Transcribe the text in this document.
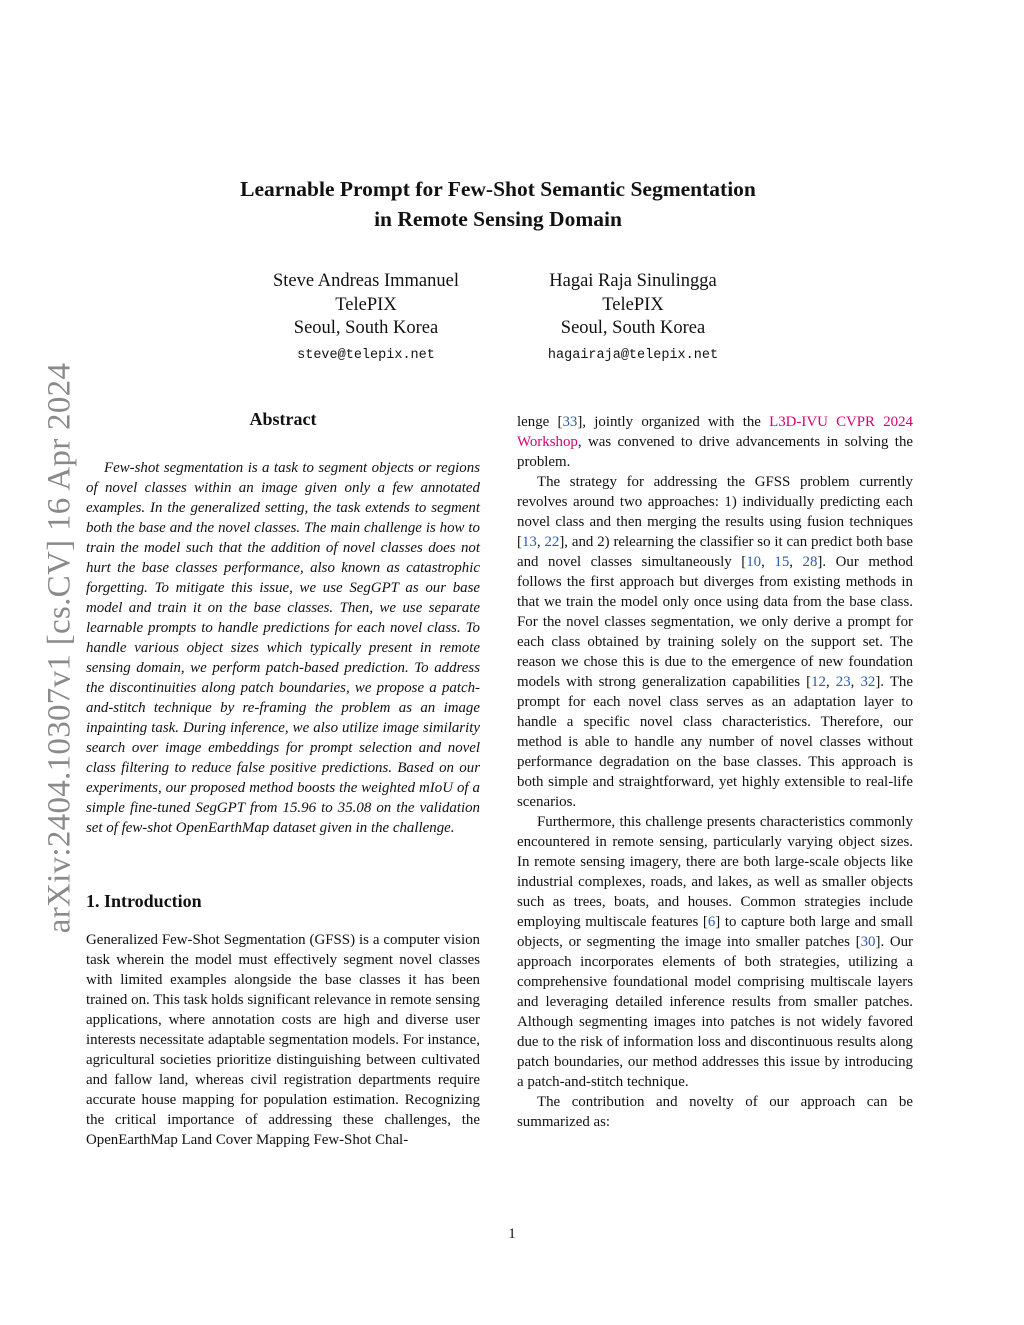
arXiv:2404.10307v1 [cs.CV] 16 Apr 2024
Learnable Prompt for Few-Shot Semantic Segmentation
in Remote Sensing Domain
Steve Andreas Immanuel
TelePIX
Seoul, South Korea
steve@telepix.net
Hagai Raja Sinulingga
TelePIX
Seoul, South Korea
hagairaja@telepix.net
Abstract

Few-shot segmentation is a task to segment objects or regions of novel classes within an image given only a few annotated examples. In the generalized setting, the task extends to segment both the base and the novel classes. The main challenge is how to train the model such that the addition of novel classes does not hurt the base classes performance, also known as catastrophic forgetting. To mitigate this issue, we use SegGPT as our base model and train it on the base classes. Then, we use separate learnable prompts to handle predictions for each novel class. To handle various object sizes which typically present in remote sensing domain, we perform patch-based prediction. To address the discontinuities along patch boundaries, we propose a patch-and-stitch technique by re-framing the problem as an image inpainting task. During inference, we also utilize image similarity search over image embeddings for prompt selection and novel class filtering to reduce false positive predictions. Based on our experiments, our proposed method boosts the weighted mIoU of a simple fine-tuned SegGPT from 15.96 to 35.08 on the validation set of few-shot OpenEarthMap dataset given in the challenge.

1. Introduction

Generalized Few-Shot Segmentation (GFSS) is a computer vision task wherein the model must effectively segment novel classes with limited examples alongside the base classes it has been trained on. This task holds significant relevance in remote sensing applications, where annotation costs are high and diverse user interests necessitate adaptable segmentation models. For instance, agricultural societies prioritize distinguishing between cultivated and fallow land, whereas civil registration departments require accurate house mapping for population estimation. Recognizing the critical importance of addressing these challenges, the OpenEarthMap Land Cover Mapping Few-Shot Chal-

lenge [33], jointly organized with the L3D-IVU CVPR 2024 Workshop, was convened to drive advancements in solving the problem.

The strategy for addressing the GFSS problem currently revolves around two approaches: 1) individually predicting each novel class and then merging the results using fusion techniques [13, 22], and 2) relearning the classifier so it can predict both base and novel classes simultaneously [10, 15, 28]. Our method follows the first approach but diverges from existing methods in that we train the model only once using data from the base class. For the novel classes segmentation, we only derive a prompt for each class obtained by training solely on the support set. The reason we chose this is due to the emergence of new foundation models with strong generalization capabilities [12, 23, 32]. The prompt for each novel class serves as an adaptation layer to handle a specific novel class characteristics. Therefore, our method is able to handle any number of novel classes without performance degradation on the base classes. This approach is both simple and straightforward, yet highly extensible to real-life scenarios.

Furthermore, this challenge presents characteristics commonly encountered in remote sensing, particularly varying object sizes. In remote sensing imagery, there are both large-scale objects like industrial complexes, roads, and lakes, as well as smaller objects such as trees, boats, and houses. Common strategies include employing multiscale features [6] to capture both large and small objects, or segmenting the image into smaller patches [30]. Our approach incorporates elements of both strategies, utilizing a comprehensive foundational model comprising multiscale layers and leveraging detailed inference results from smaller patches. Although segmenting images into patches is not widely favored due to the risk of information loss and discontinuous results along patch boundaries, our method addresses this issue by introducing a patch-and-stitch technique.

The contribution and novelty of our approach can be summarized as:

1
